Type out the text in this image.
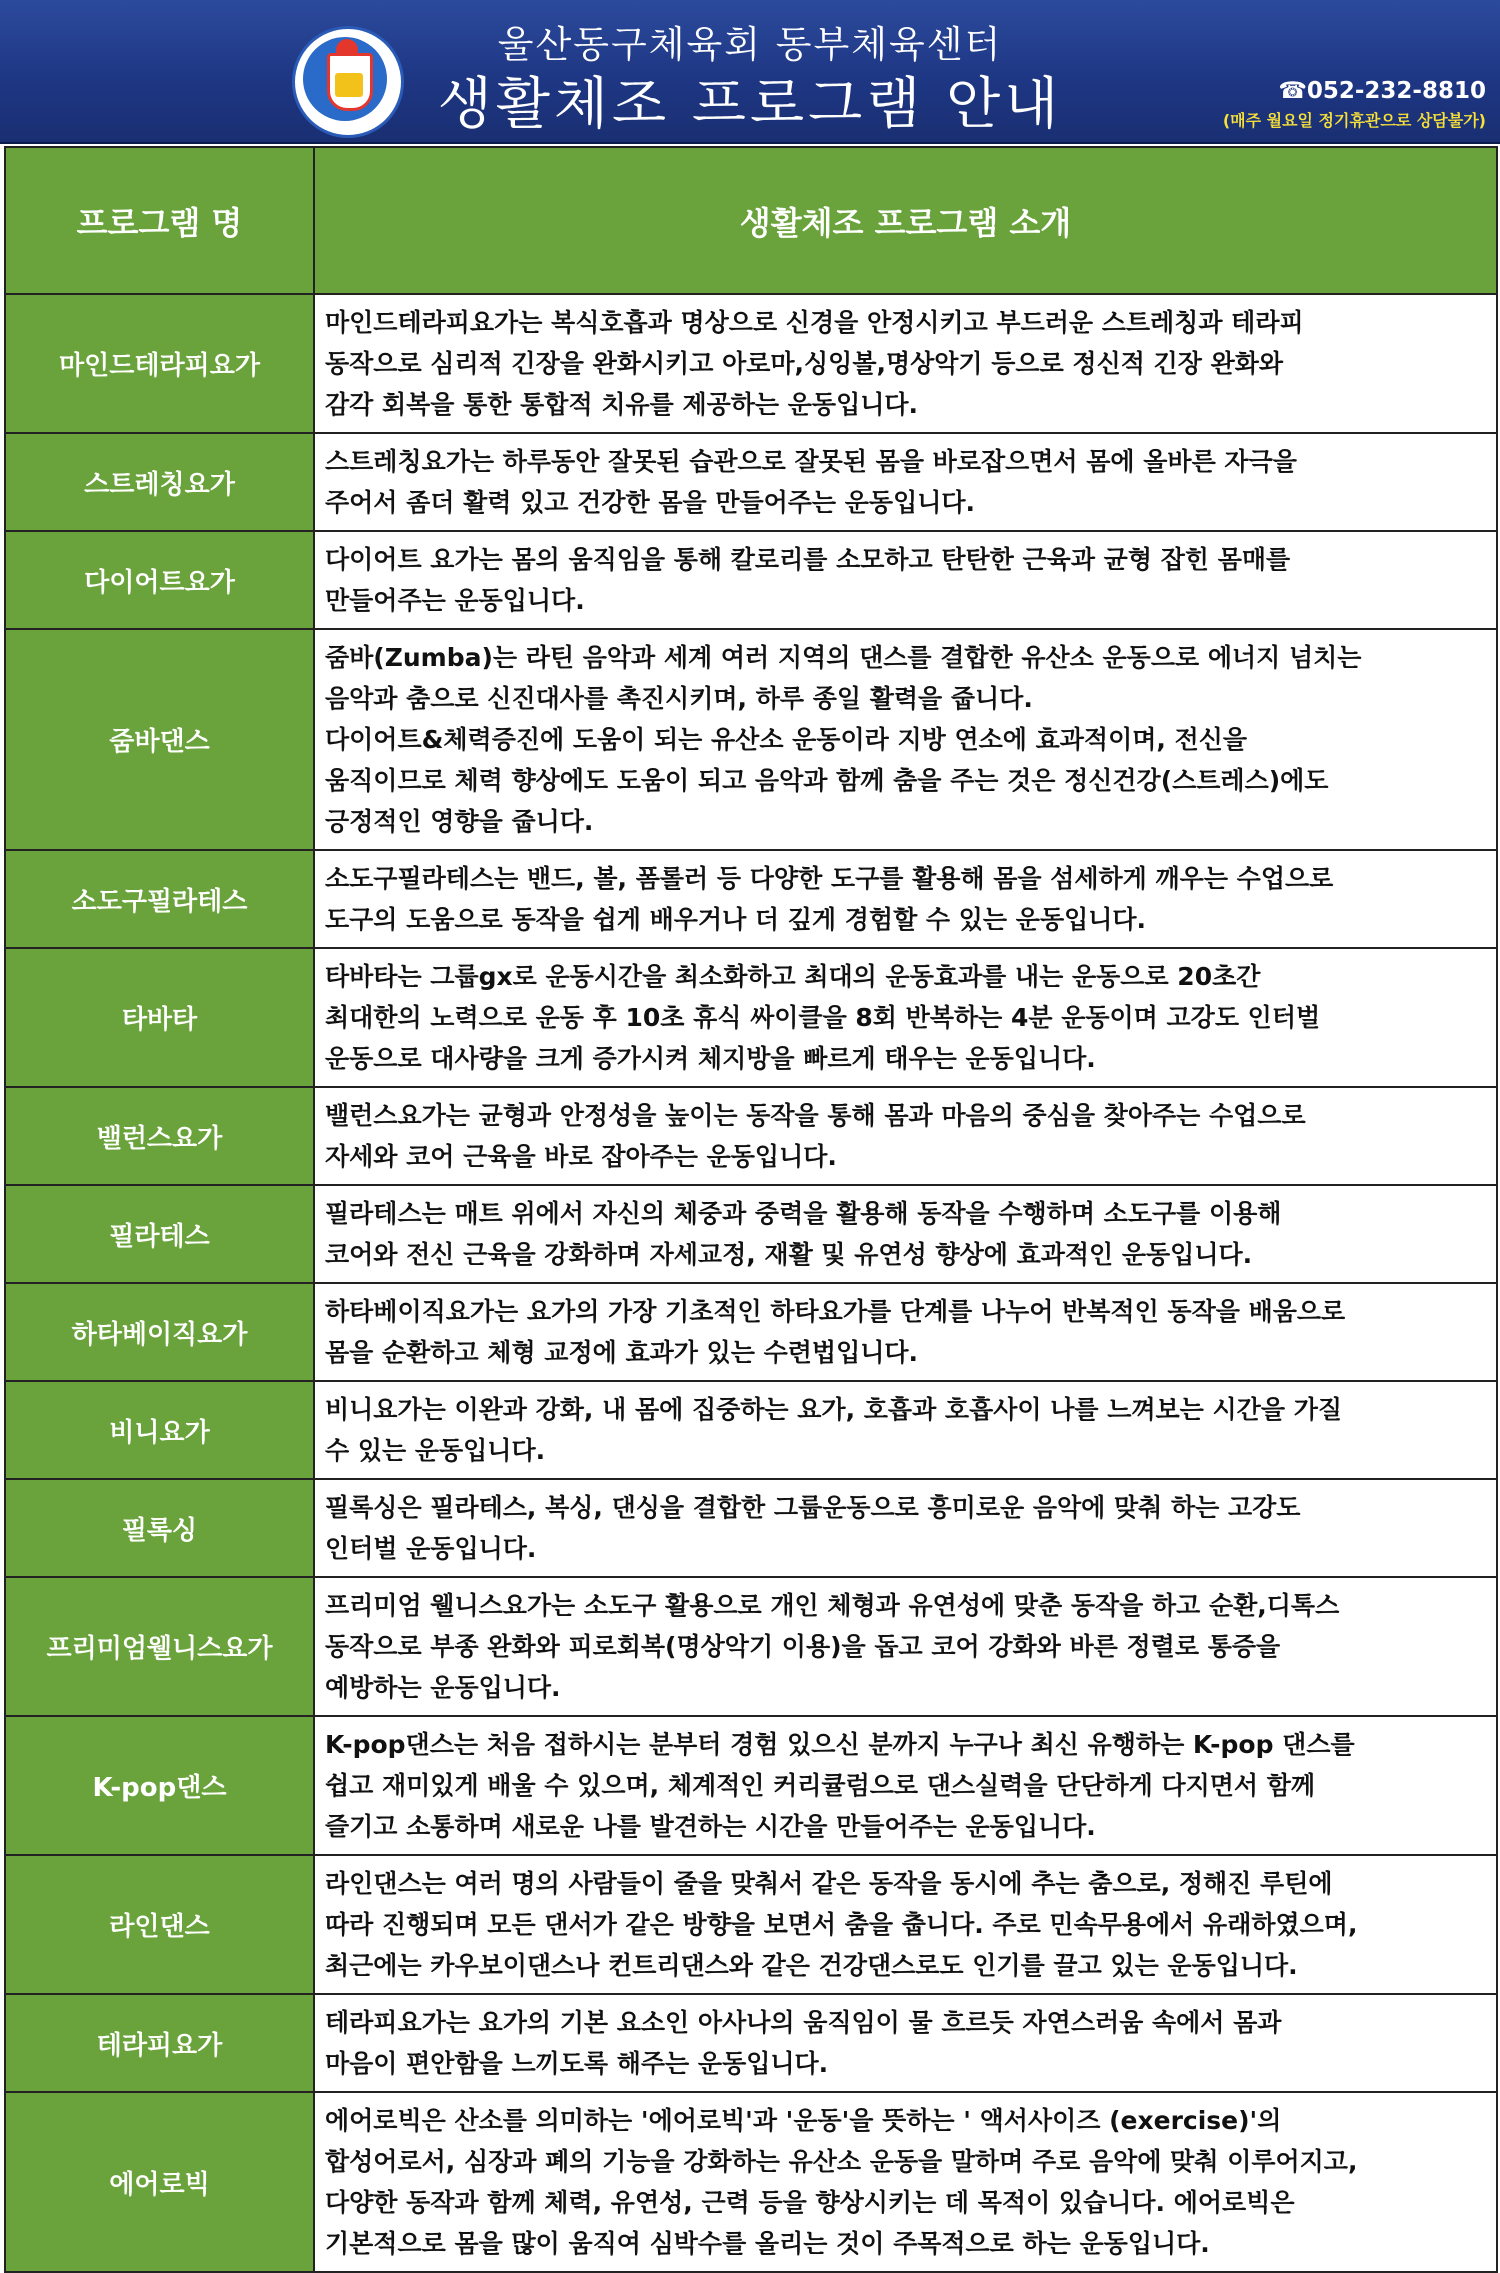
울산동구체육회 동부체육센터
생활체조 프로그램 안내	☎052-232-8810
(매주 월요일 정기휴관으로 상담불가)
프로그램 명	생활체조 프로그램 소개
마인드테라피요가	마인드테라피요가는 복식호흡과 명상으로 신경을 안정시키고 부드러운 스트레칭과 테라피
동작으로 심리적 긴장을 완화시키고 아로마,싱잉볼,명상악기 등으로 정신적 긴장 완화와
감각 회복을 통한 통합적 치유를 제공하는 운동입니다.
스트레칭요가	스트레칭요가는 하루동안 잘못된 습관으로 잘못된 몸을 바로잡으면서 몸에 올바른 자극을
주어서 좀더 활력 있고 건강한 몸을 만들어주는 운동입니다.
다이어트요가	다이어트 요가는 몸의 움직임을 통해 칼로리를 소모하고 탄탄한 근육과 균형 잡힌 몸매를
만들어주는 운동입니다.
줌바댄스	줌바(Zumba)는 라틴 음악과 세계 여러 지역의 댄스를 결합한 유산소 운동으로 에너지 넘치는
음악과 춤으로 신진대사를 촉진시키며, 하루 종일 활력을 줍니다.
다이어트&체력증진에 도움이 되는 유산소 운동이라 지방 연소에 효과적이며, 전신을
움직이므로 체력 향상에도 도움이 되고 음악과 함께 춤을 주는 것은 정신건강(스트레스)에도
긍정적인 영향을 줍니다.
소도구필라테스	소도구필라테스는 밴드, 볼, 폼롤러 등 다양한 도구를 활용해 몸을 섬세하게 깨우는 수업으로
도구의 도움으로 동작을 쉽게 배우거나 더 깊게 경험할 수 있는 운동입니다.
타바타	타바타는 그룹gx로 운동시간을 최소화하고 최대의 운동효과를 내는 운동으로 20초간
최대한의 노력으로 운동 후 10초 휴식 싸이클을 8회 반복하는 4분 운동이며 고강도 인터벌
운동으로 대사량을 크게 증가시켜 체지방을 빠르게 태우는 운동입니다.
밸런스요가	밸런스요가는 균형과 안정성을 높이는 동작을 통해 몸과 마음의 중심을 찾아주는 수업으로
자세와 코어 근육을 바로 잡아주는 운동입니다.
필라테스	필라테스는 매트 위에서 자신의 체중과 중력을 활용해 동작을 수행하며 소도구를 이용해
코어와 전신 근육을 강화하며 자세교정, 재활 및 유연성 향상에 효과적인 운동입니다.
하타베이직요가	하타베이직요가는 요가의 가장 기초적인 하타요가를 단계를 나누어 반복적인 동작을 배움으로
몸을 순환하고 체형 교정에 효과가 있는 수련법입니다.
비니요가	비니요가는 이완과 강화, 내 몸에 집중하는 요가, 호흡과 호흡사이 나를 느껴보는 시간을 가질
수 있는 운동입니다.
필록싱	필록싱은 필라테스, 복싱, 댄싱을 결합한 그룹운동으로 흥미로운 음악에 맞춰 하는 고강도
인터벌 운동입니다.
프리미엄웰니스요가	프리미엄 웰니스요가는 소도구 활용으로 개인 체형과 유연성에 맞춘 동작을 하고 순환,디톡스
동작으로 부종 완화와 피로회복(명상악기 이용)을 돕고 코어 강화와 바른 정렬로 통증을
예방하는 운동입니다.
K-pop댄스	K-pop댄스는 처음 접하시는 분부터 경험 있으신 분까지 누구나 최신 유행하는 K-pop 댄스를
쉽고 재미있게 배울 수 있으며, 체계적인 커리큘럼으로 댄스실력을 단단하게 다지면서 함께
즐기고 소통하며 새로운 나를 발견하는 시간을 만들어주는 운동입니다.
라인댄스	라인댄스는 여러 명의 사람들이 줄을 맞춰서 같은 동작을 동시에 추는 춤으로, 정해진 루틴에
따라 진행되며 모든 댄서가 같은 방향을 보면서 춤을 춥니다. 주로 민속무용에서 유래하였으며,
최근에는 카우보이댄스나 컨트리댄스와 같은 건강댄스로도 인기를 끌고 있는 운동입니다.
테라피요가	테라피요가는 요가의 기본 요소인 아사나의 움직임이 물 흐르듯 자연스러움 속에서 몸과
마음이 편안함을 느끼도록 해주는 운동입니다.
에어로빅	에어로빅은 산소를 의미하는 '에어로빅'과 '운동'을 뜻하는 ' 액서사이즈 (exercise)'의
합성어로서, 심장과 폐의 기능을 강화하는 유산소 운동을 말하며 주로 음악에 맞춰 이루어지고,
다양한 동작과 함께 체력, 유연성, 근력 등을 향상시키는 데 목적이 있습니다. 에어로빅은
기본적으로 몸을 많이 움직여 심박수를 올리는 것이 주목적으로 하는 운동입니다.
